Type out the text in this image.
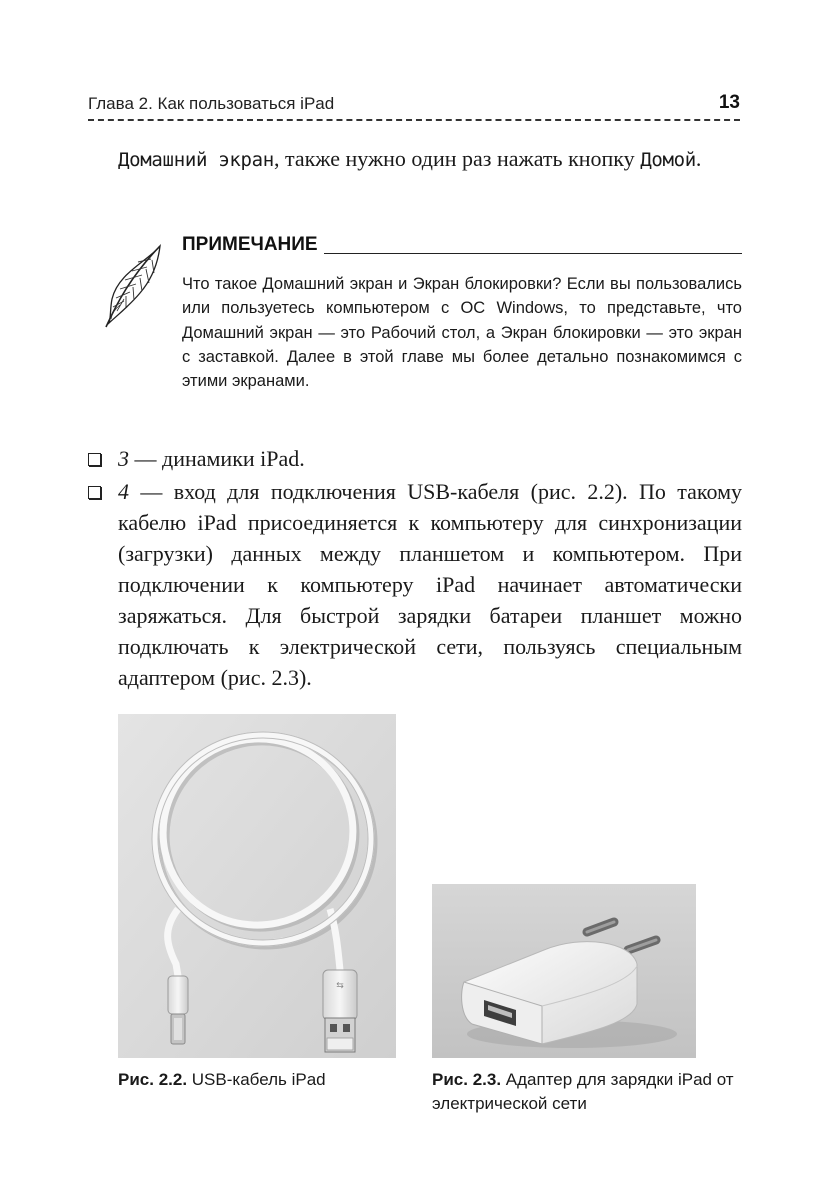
Глава 2. Как пользоваться iPad	13
Домашний экран, также нужно один раз нажать кнопку Домой.
ПРИМЕЧАНИЕ

Что такое Домашний экран и Экран блокировки? Если вы пользовались или пользуетесь компьютером с ОС Windows, то представьте, что Домашний экран — это Рабочий стол, а Экран блокировки — это экран с заставкой. Далее в этой главе мы более детально познакомимся с этими экранами.

3 — динамики iPad.
4 — вход для подключения USB-кабеля (рис. 2.2). По такому кабелю iPad присоединяется к компьютеру для синхронизации (загрузки) данных между планшетом и компьютером. При подключении к компьютеру iPad начинает автоматически заряжаться. Для быстрой зарядки батареи планшет можно подключать к электрической сети, пользуясь специальным адаптером (рис. 2.3).
⇆
Рис. 2.2. USB-кабель iPad	Рис. 2.3. Адаптер для зарядки iPad от электрической сети
